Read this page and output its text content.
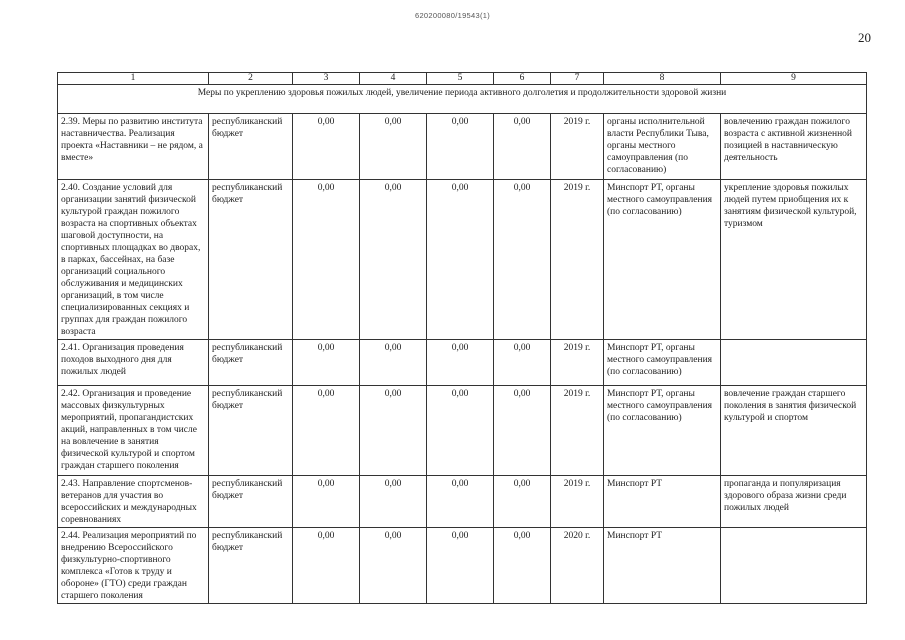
620200080/19543(1)
20
1	2	3	4	5	6	7	8	9
Меры по укреплению здоровья пожилых людей, увеличение периода активного долголетия и продолжительности здоровой жизни								
2.39. Меры по развитию института наставничества. Реализация проекта «Наставники – не рядом, а вместе»	республиканский бюджет	0,00	0,00	0,00	0,00	2019 г.	органы исполнительной власти Республики Тыва, органы местного самоуправления (по согласованию)	вовлечению граждан пожилого возраста с активной жизненной позицией в наставническую деятельность
2.40. Создание условий для организации занятий физической культурой граждан пожилого возраста на спортивных объектах шаговой доступности, на спортивных площадках во дворах, в парках, бассейнах, на базе организаций социального обслуживания и медицинских организаций, в том числе специализированных секциях и группах для граждан пожилого возраста	республиканский бюджет	0,00	0,00	0,00	0,00	2019 г.	Минспорт РТ, органы местного самоуправления (по согласованию)	укрепление здоровья пожилых людей путем приобщения их к занятиям физической культурой, туризмом
2.41. Организация проведения походов выходного дня для пожилых людей	республиканский бюджет	0,00	0,00	0,00	0,00	2019 г.	Минспорт РТ, органы местного самоуправления (по согласованию)	
2.42. Организация и проведение массовых физкультурных мероприятий, пропагандистских акций, направленных в том числе на вовлечение в занятия физической культурой и спортом граждан старшего поколения	республиканский бюджет	0,00	0,00	0,00	0,00	2019 г.	Минспорт РТ, органы местного самоуправления (по согласованию)	вовлечение граждан старшего поколения в занятия физической культурой и спортом
2.43. Направление спортсменов-ветеранов для участия во всероссийских и международных соревнованиях	республиканский бюджет	0,00	0,00	0,00	0,00	2019 г.	Минспорт РТ	пропаганда и популяризация здорового образа жизни среди пожилых людей
2.44. Реализация мероприятий по внедрению Всероссийского физкультурно-спортивного комплекса «Готов к труду и обороне» (ГТО) среди граждан старшего поколения	республиканский бюджет	0,00	0,00	0,00	0,00	2020 г.	Минспорт РТ	
